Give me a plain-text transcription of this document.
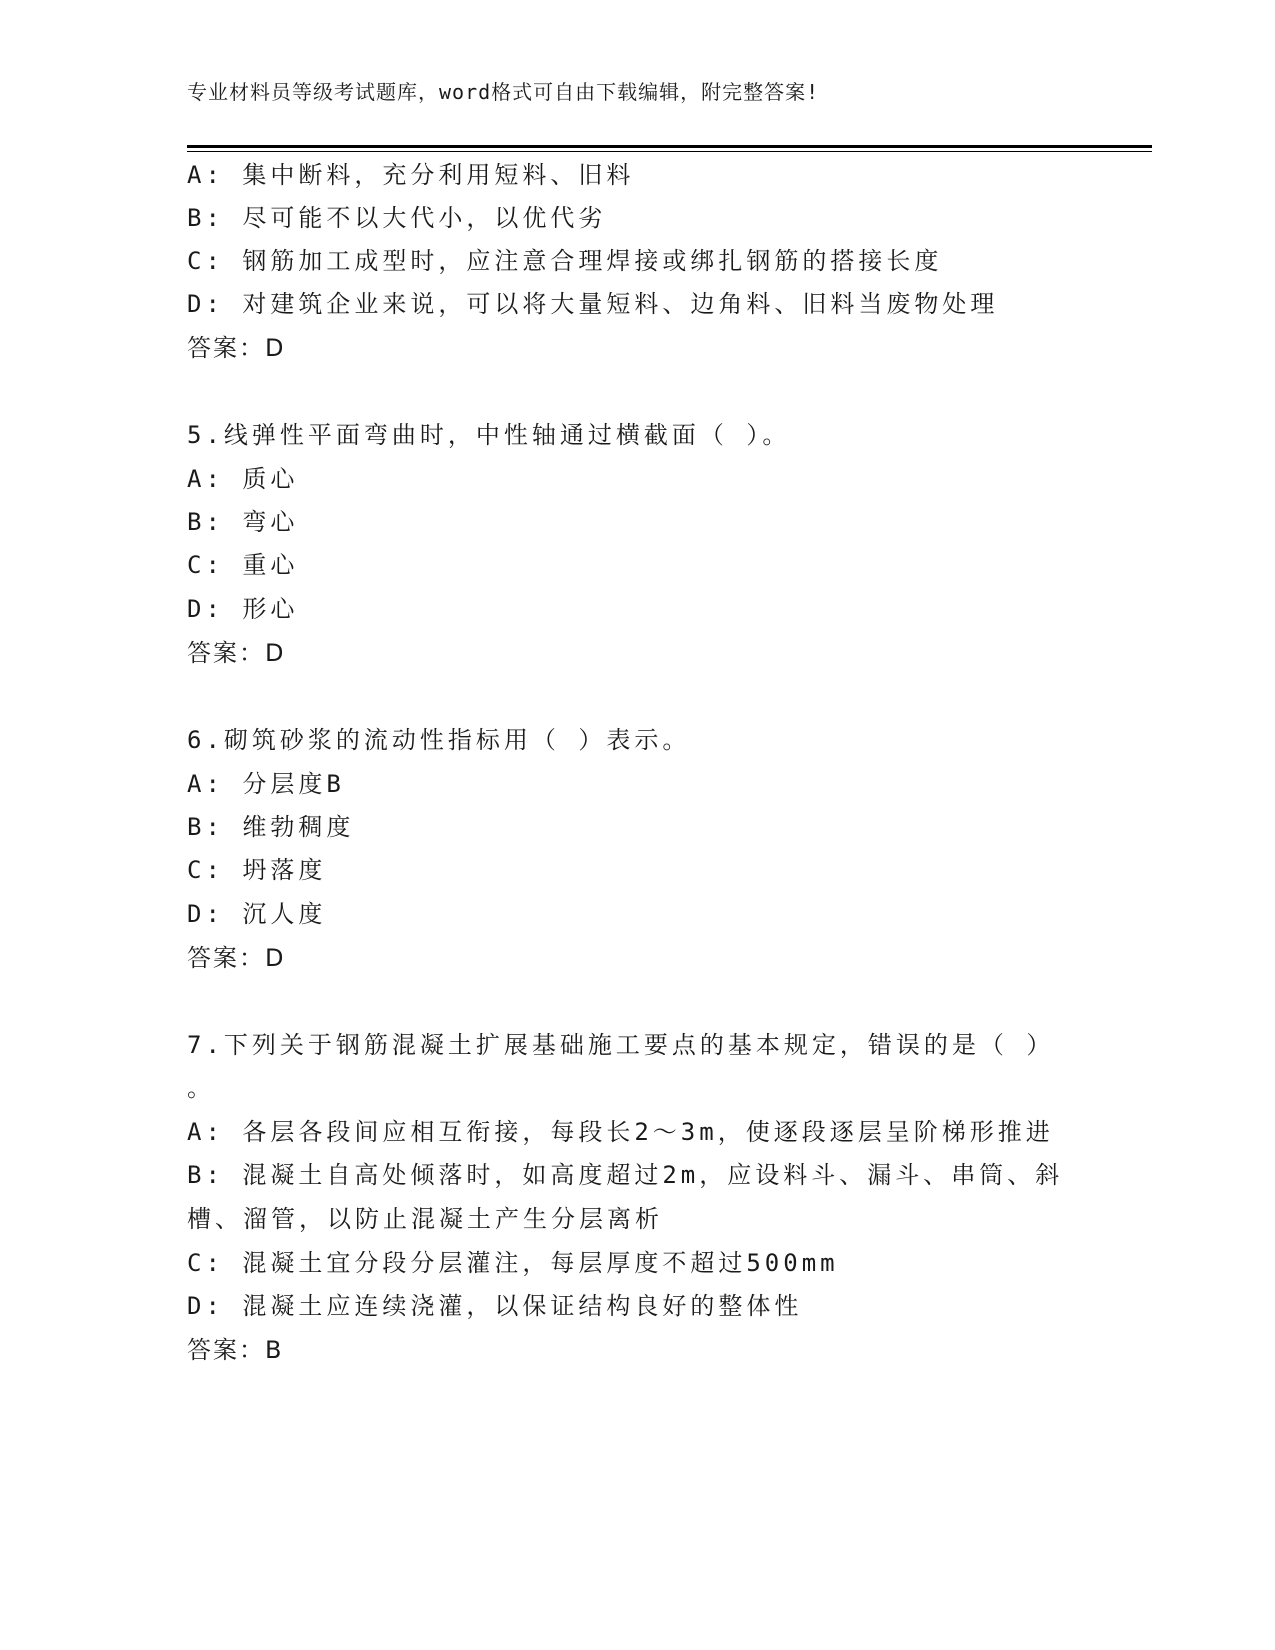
专业材料员等级考试题库，word格式可自由下载编辑，附完整答案!
A: 集中断料，充分利用短料、旧料
B: 尽可能不以大代小，以优代劣
C: 钢筋加工成型时，应注意合理焊接或绑扎钢筋的搭接长度
D: 对建筑企业来说，可以将大量短料、边角料、旧料当废物处理
答案：D
5.线弹性平面弯曲时，中性轴通过横截面（ ）。
A: 质心
B: 弯心
C: 重心
D: 形心
答案：D
6.砌筑砂浆的流动性指标用（ ）表示。
A: 分层度B
B: 维勃稠度
C: 坍落度
D: 沉人度
答案：D
7.下列关于钢筋混凝土扩展基础施工要点的基本规定，错误的是（ ）
。
A: 各层各段间应相互衔接，每段长2～3m，使逐段逐层呈阶梯形推进
B: 混凝土自高处倾落时，如高度超过2m，应设料斗、漏斗、串筒、斜
槽、溜管，以防止混凝土产生分层离析
C: 混凝土宜分段分层灌注，每层厚度不超过500mm
D: 混凝土应连续浇灌，以保证结构良好的整体性
答案：B
